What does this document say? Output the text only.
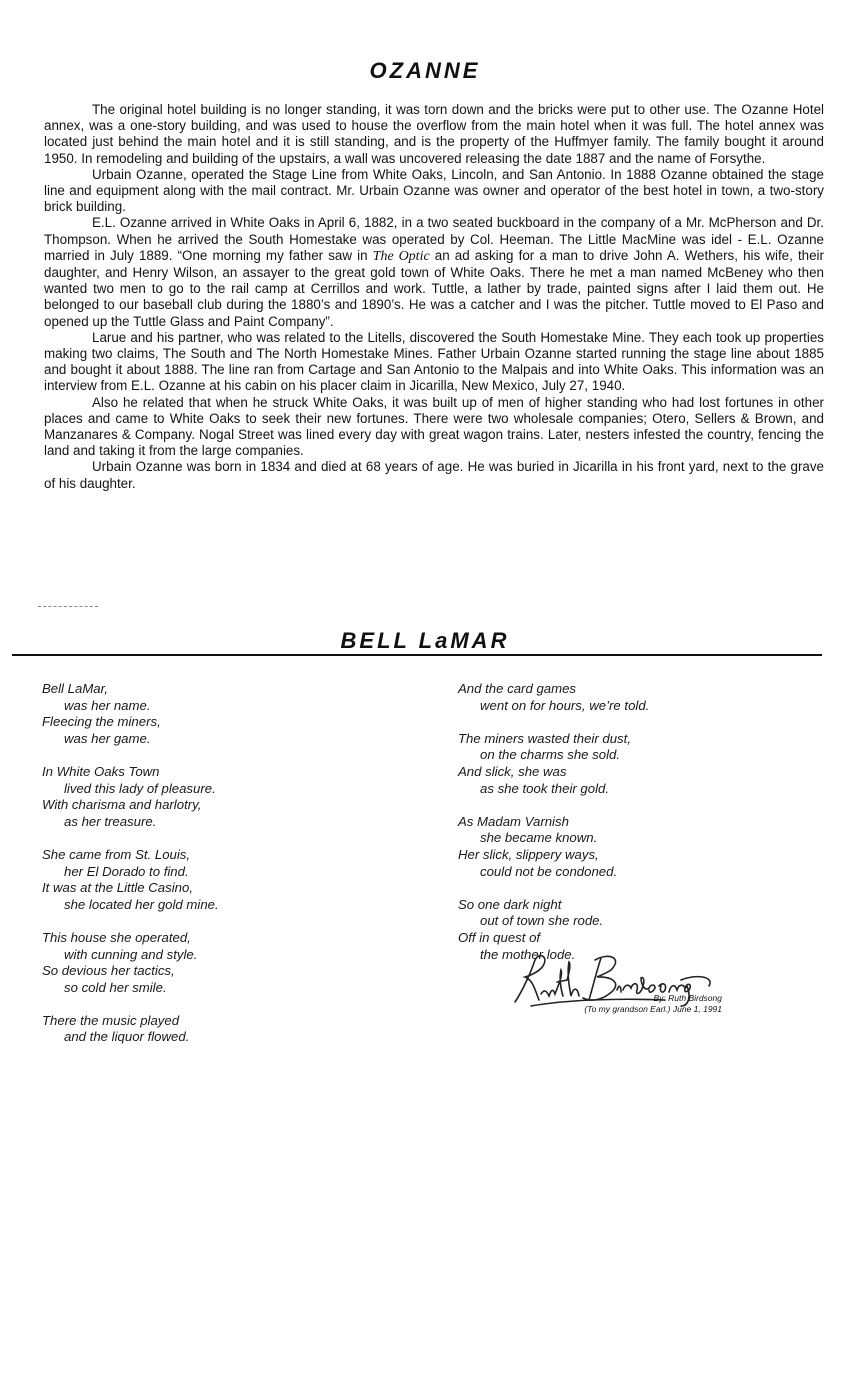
OZANNE

The original hotel building is no longer standing, it was torn down and the bricks were put to other use. The Ozanne Hotel annex, was a one-story building, and was used to house the overflow from the main hotel when it was full. The hotel annex was located just behind the main hotel and it is still standing, and is the property of the Huffmyer family. The family bought it around 1950. In remodeling and building of the upstairs, a wall was uncovered releasing the date 1887 and the name of Forsythe.

Urbain Ozanne, operated the Stage Line from White Oaks, Lincoln, and San Antonio. In 1888 Ozanne obtained the stage line and equipment along with the mail contract. Mr. Urbain Ozanne was owner and operator of the best hotel in town, a two-story brick building.

E.L. Ozanne arrived in White Oaks in April 6, 1882, in a two seated buckboard in the company of a Mr. McPherson and Dr. Thompson. When he arrived the South Homestake was operated by Col. Heeman. The Little MacMine was idel - E.L. Ozanne married in July 1889. “One morning my father saw in The Optic an ad asking for a man to drive John A. Wethers, his wife, their daughter, and Henry Wilson, an assayer to the great gold town of White Oaks. There he met a man named McBeney who then wanted two men to go to the rail camp at Cerrillos and work. Tuttle, a lather by trade, painted signs after I laid them out. He belonged to our baseball club during the 1880’s and 1890’s. He was a catcher and I was the pitcher. Tuttle moved to El Paso and opened up the Tuttle Glass and Paint Company”.

Larue and his partner, who was related to the Litells, discovered the South Homestake Mine. They each took up properties making two claims, The South and The North Homestake Mines. Father Urbain Ozanne started running the stage line about 1885 and bought it about 1888. The line ran from Cartage and San Antonio to the Malpais and into White Oaks. This information was an interview from E.L. Ozanne at his cabin on his placer claim in Jicarilla, New Mexico, July 27, 1940.

Also he related that when he struck White Oaks, it was built up of men of higher standing who had lost fortunes in other places and came to White Oaks to seek their new fortunes. There were two wholesale companies; Otero, Sellers & Brown, and Manzanares & Company. Nogal Street was lined every day with great wagon trains. Later, nesters infested the country, fencing the land and taking it from the large companies.

Urbain Ozanne was born in 1834 and died at 68 years of age. He was buried in Jicarilla in his front yard, next to the grave of his daughter.

BELL LaMAR
Bell LaMar,
was her name.
Fleecing the miners,
was her game.
In White Oaks Town
lived this lady of pleasure.
With charisma and harlotry,
as her treasure.
She came from St. Louis,
her El Dorado to find.
It was at the Little Casino,
she located her gold mine.
This house she operated,
with cunning and style.
So devious her tactics,
so cold her smile.
There the music played
and the liquor flowed.
And the card games
went on for hours, we’re told.
The miners wasted their dust,
on the charms she sold.
And slick, she was
as she took their gold.
As Madam Varnish
she became known.
Her slick, slippery ways,
could not be condoned.
So one dark night
out of town she rode.
Off in quest of
the mother lode.
By: Ruth Birdsong
(To my grandson Earl.) June 1, 1991
